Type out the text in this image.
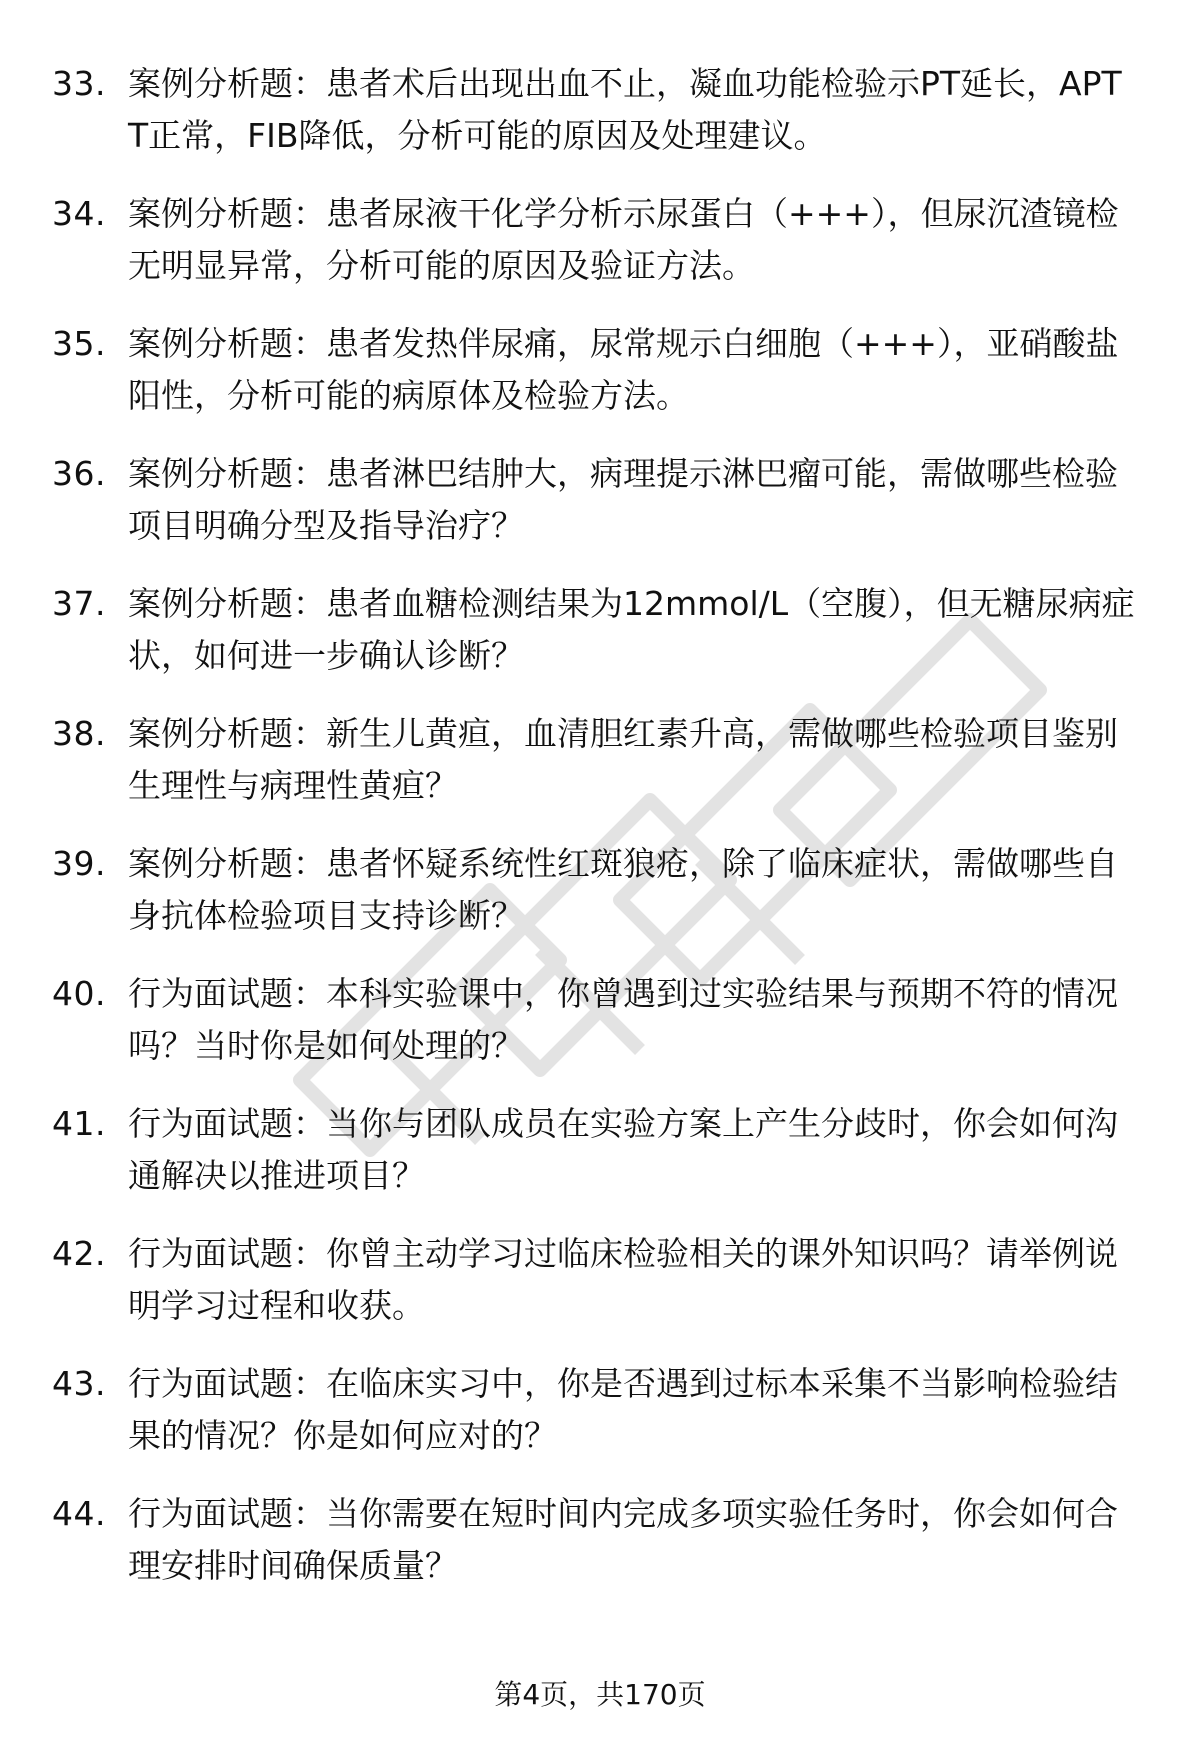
33. 案例分析题：患者术后出现出血不止，凝血功能检验示PT延长，APTT正常，FIB降低，分析可能的原因及处理建议。
34. 案例分析题：患者尿液干化学分析示尿蛋白（+++），但尿沉渣镜检无明显异常，分析可能的原因及验证方法。
35. 案例分析题：患者发热伴尿痛，尿常规示白细胞（+++），亚硝酸盐阳性，分析可能的病原体及检验方法。
36. 案例分析题：患者淋巴结肿大，病理提示淋巴瘤可能，需做哪些检验项目明确分型及指导治疗？
37. 案例分析题：患者血糖检测结果为12mmol/L（空腹），但无糖尿病症状，如何进一步确认诊断？
38. 案例分析题：新生儿黄疸，血清胆红素升高，需做哪些检验项目鉴别生理性与病理性黄疸？
39. 案例分析题：患者怀疑系统性红斑狼疮，除了临床症状，需做哪些自身抗体检验项目支持诊断？
40. 行为面试题：本科实验课中，你曾遇到过实验结果与预期不符的情况吗？当时你是如何处理的？
41. 行为面试题：当你与团队成员在实验方案上产生分歧时，你会如何沟通解决以推进项目？
42. 行为面试题：你曾主动学习过临床检验相关的课外知识吗？请举例说明学习过程和收获。
43. 行为面试题：在临床实习中，你是否遇到过标本采集不当影响检验结果的情况？你是如何应对的？
44. 行为面试题：当你需要在短时间内完成多项实验任务时，你会如何合理安排时间确保质量？
第4页，共170页
